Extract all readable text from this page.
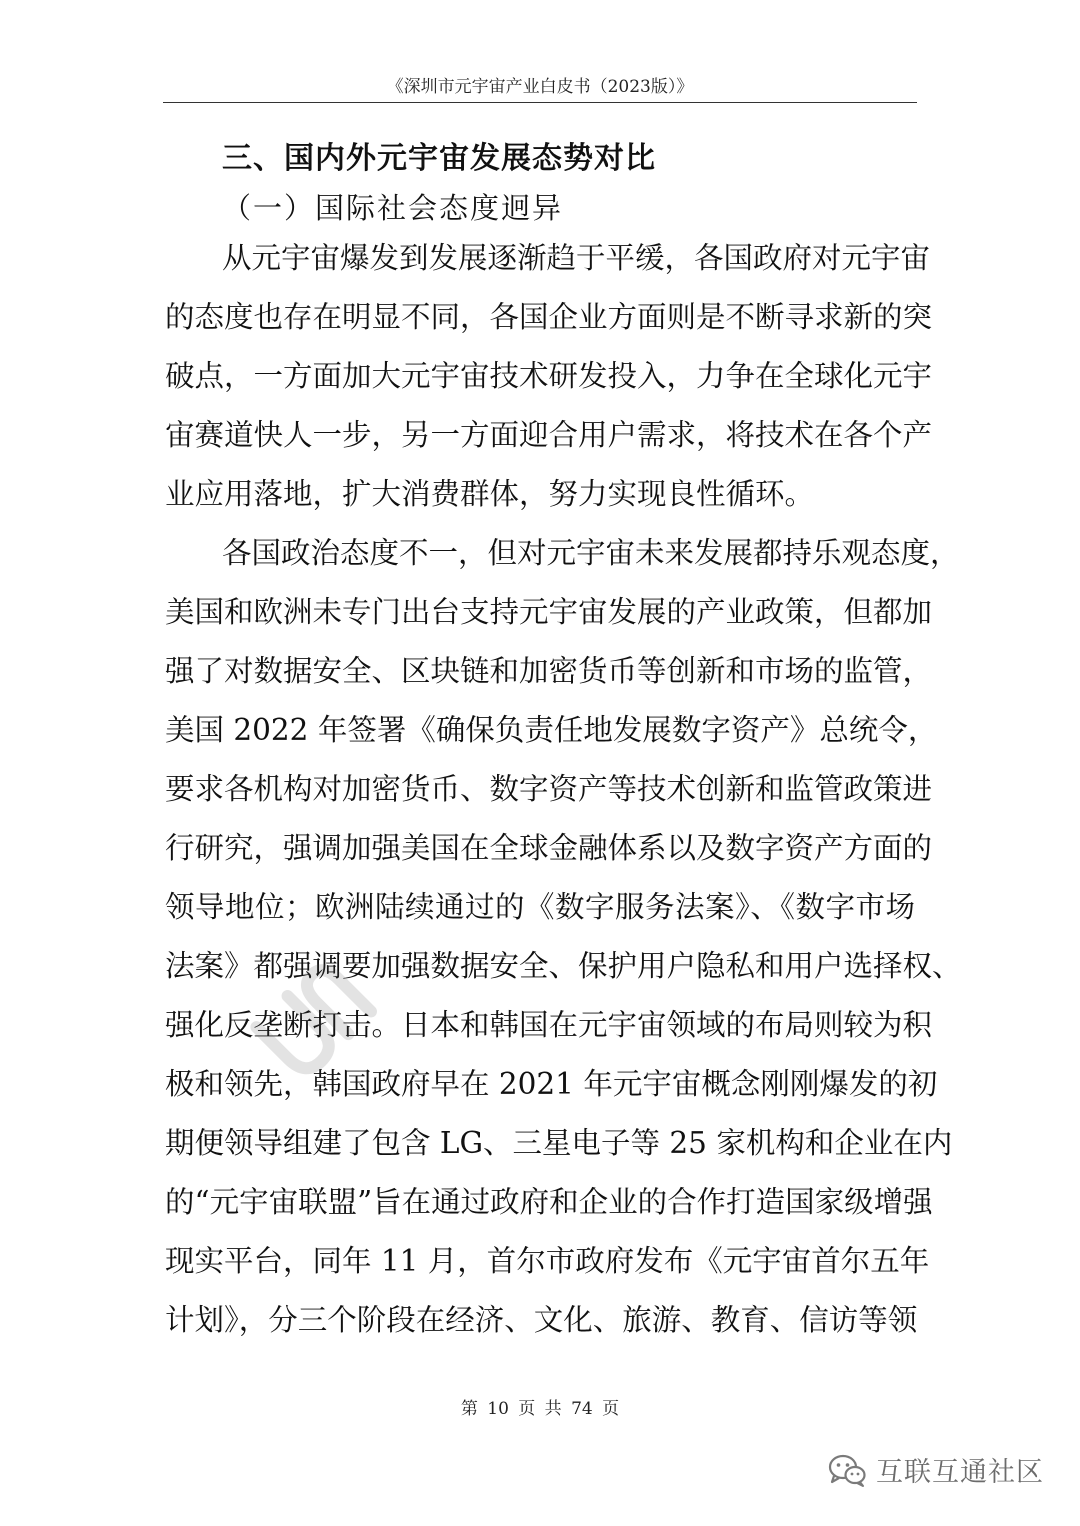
《深圳市元宇宙产业白皮书（2023版）》
三、国内外元宇宙发展态势对比
（一）国际社会态度迥异
从元宇宙爆发到发展逐渐趋于平缓，各国政府对元宇宙
的态度也存在明显不同，各国企业方面则是不断寻求新的突
破点，一方面加大元宇宙技术研发投入，力争在全球化元宇
宙赛道快人一步，另一方面迎合用户需求，将技术在各个产
业应用落地，扩大消费群体，努力实现良性循环。
各国政治态度不一，但对元宇宙未来发展都持乐观态度，
美国和欧洲未专门出台支持元宇宙发展的产业政策，但都加
强了对数据安全、区块链和加密货币等创新和市场的监管，
美国 2022 年签署《确保负责任地发展数字资产》总统令，
要求各机构对加密货币、数字资产等技术创新和监管政策进
行研究，强调加强美国在全球金融体系以及数字资产方面的
领导地位；欧洲陆续通过的《数字服务法案》、《数字市场
法案》都强调要加强数据安全、保护用户隐私和用户选择权、
强化反垄断打击。日本和韩国在元宇宙领域的布局则较为积
极和领先，韩国政府早在 2021 年元宇宙概念刚刚爆发的初
期便领导组建了包含 LG、三星电子等 25 家机构和企业在内
的“元宇宙联盟”旨在通过政府和企业的合作打造国家级增强
现实平台，同年 11 月，首尔市政府发布《元宇宙首尔五年
计划》，分三个阶段在经济、文化、旅游、教育、信访等领
第 10 页 共 74 页
互联互通社区
